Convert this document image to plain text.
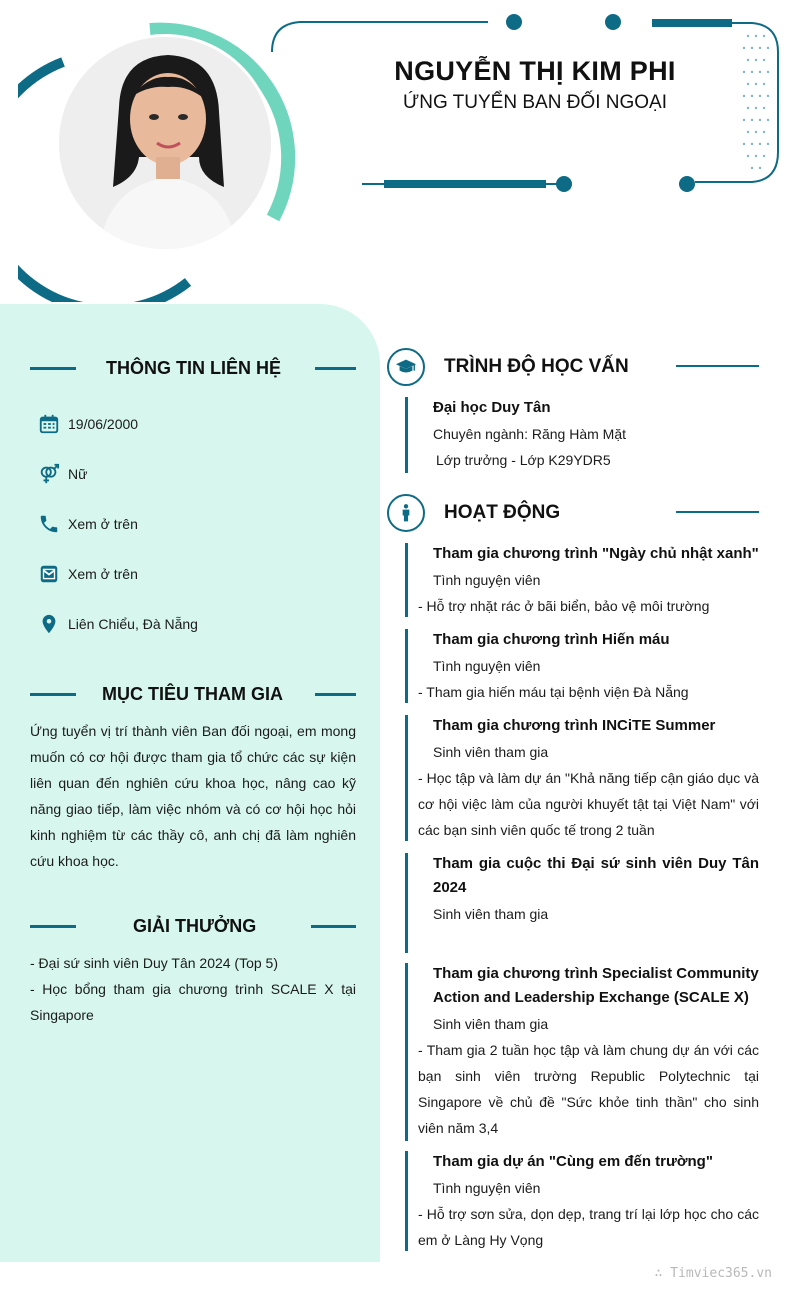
NGUYỄN THỊ KIM PHI
ỨNG TUYỂN BAN ĐỐI NGOẠI
THÔNG TIN LIÊN HỆ
19/06/2000
Nữ
Xem ở trên
Xem ở trên
Liên Chiểu, Đà Nẵng
MỤC TIÊU THAM GIA
Ứng tuyển vị trí thành viên Ban đối ngoại, em mong muốn có cơ hội được tham gia tổ chức các sự kiện liên quan đến nghiên cứu khoa học, nâng cao kỹ năng giao tiếp, làm việc nhóm và có cơ hội học hỏi kinh nghiệm từ các thầy cô, anh chị đã làm nghiên cứu khoa học.
GIẢI THƯỞNG
- Đại sứ sinh viên Duy Tân 2024 (Top 5)
- Học bổng tham gia chương trình SCALE X tại Singapore
TRÌNH ĐỘ HỌC VẤN
Đại học Duy Tân
Chuyên ngành: Răng Hàm Mặt
Lớp trưởng - Lớp K29YDR5
HOẠT ĐỘNG
Tham gia chương trình "Ngày chủ nhật xanh"
Tình nguyện viên
- Hỗ trợ nhặt rác ở bãi biển, bảo vệ môi trường
Tham gia chương trình Hiến máu
Tình nguyện viên
- Tham gia hiến máu tại bệnh viện Đà Nẵng
Tham gia chương trình INCiTE Summer
Sinh viên tham gia
- Học tập và làm dự án "Khả năng tiếp cận giáo dục và cơ hội việc làm của người khuyết tật tại Việt Nam" với các bạn sinh viên quốc tế trong 2 tuần
Tham gia cuộc thi Đại sứ sinh viên Duy Tân 2024
Sinh viên tham gia
Tham gia chương trình Specialist Community Action and Leadership Exchange (SCALE X)
Sinh viên tham gia
- Tham gia 2 tuần học tập và làm chung dự án với các bạn sinh viên trường Republic Polytechnic tại Singapore về chủ đề "Sức khỏe tinh thần" cho sinh viên năm 3,4
Tham gia dự án "Cùng em đến trường"
Tình nguyện viên
- Hỗ trợ sơn sửa, dọn dẹp, trang trí lại lớp học cho các em ở Làng Hy Vọng
∴ Timviec365.vn
